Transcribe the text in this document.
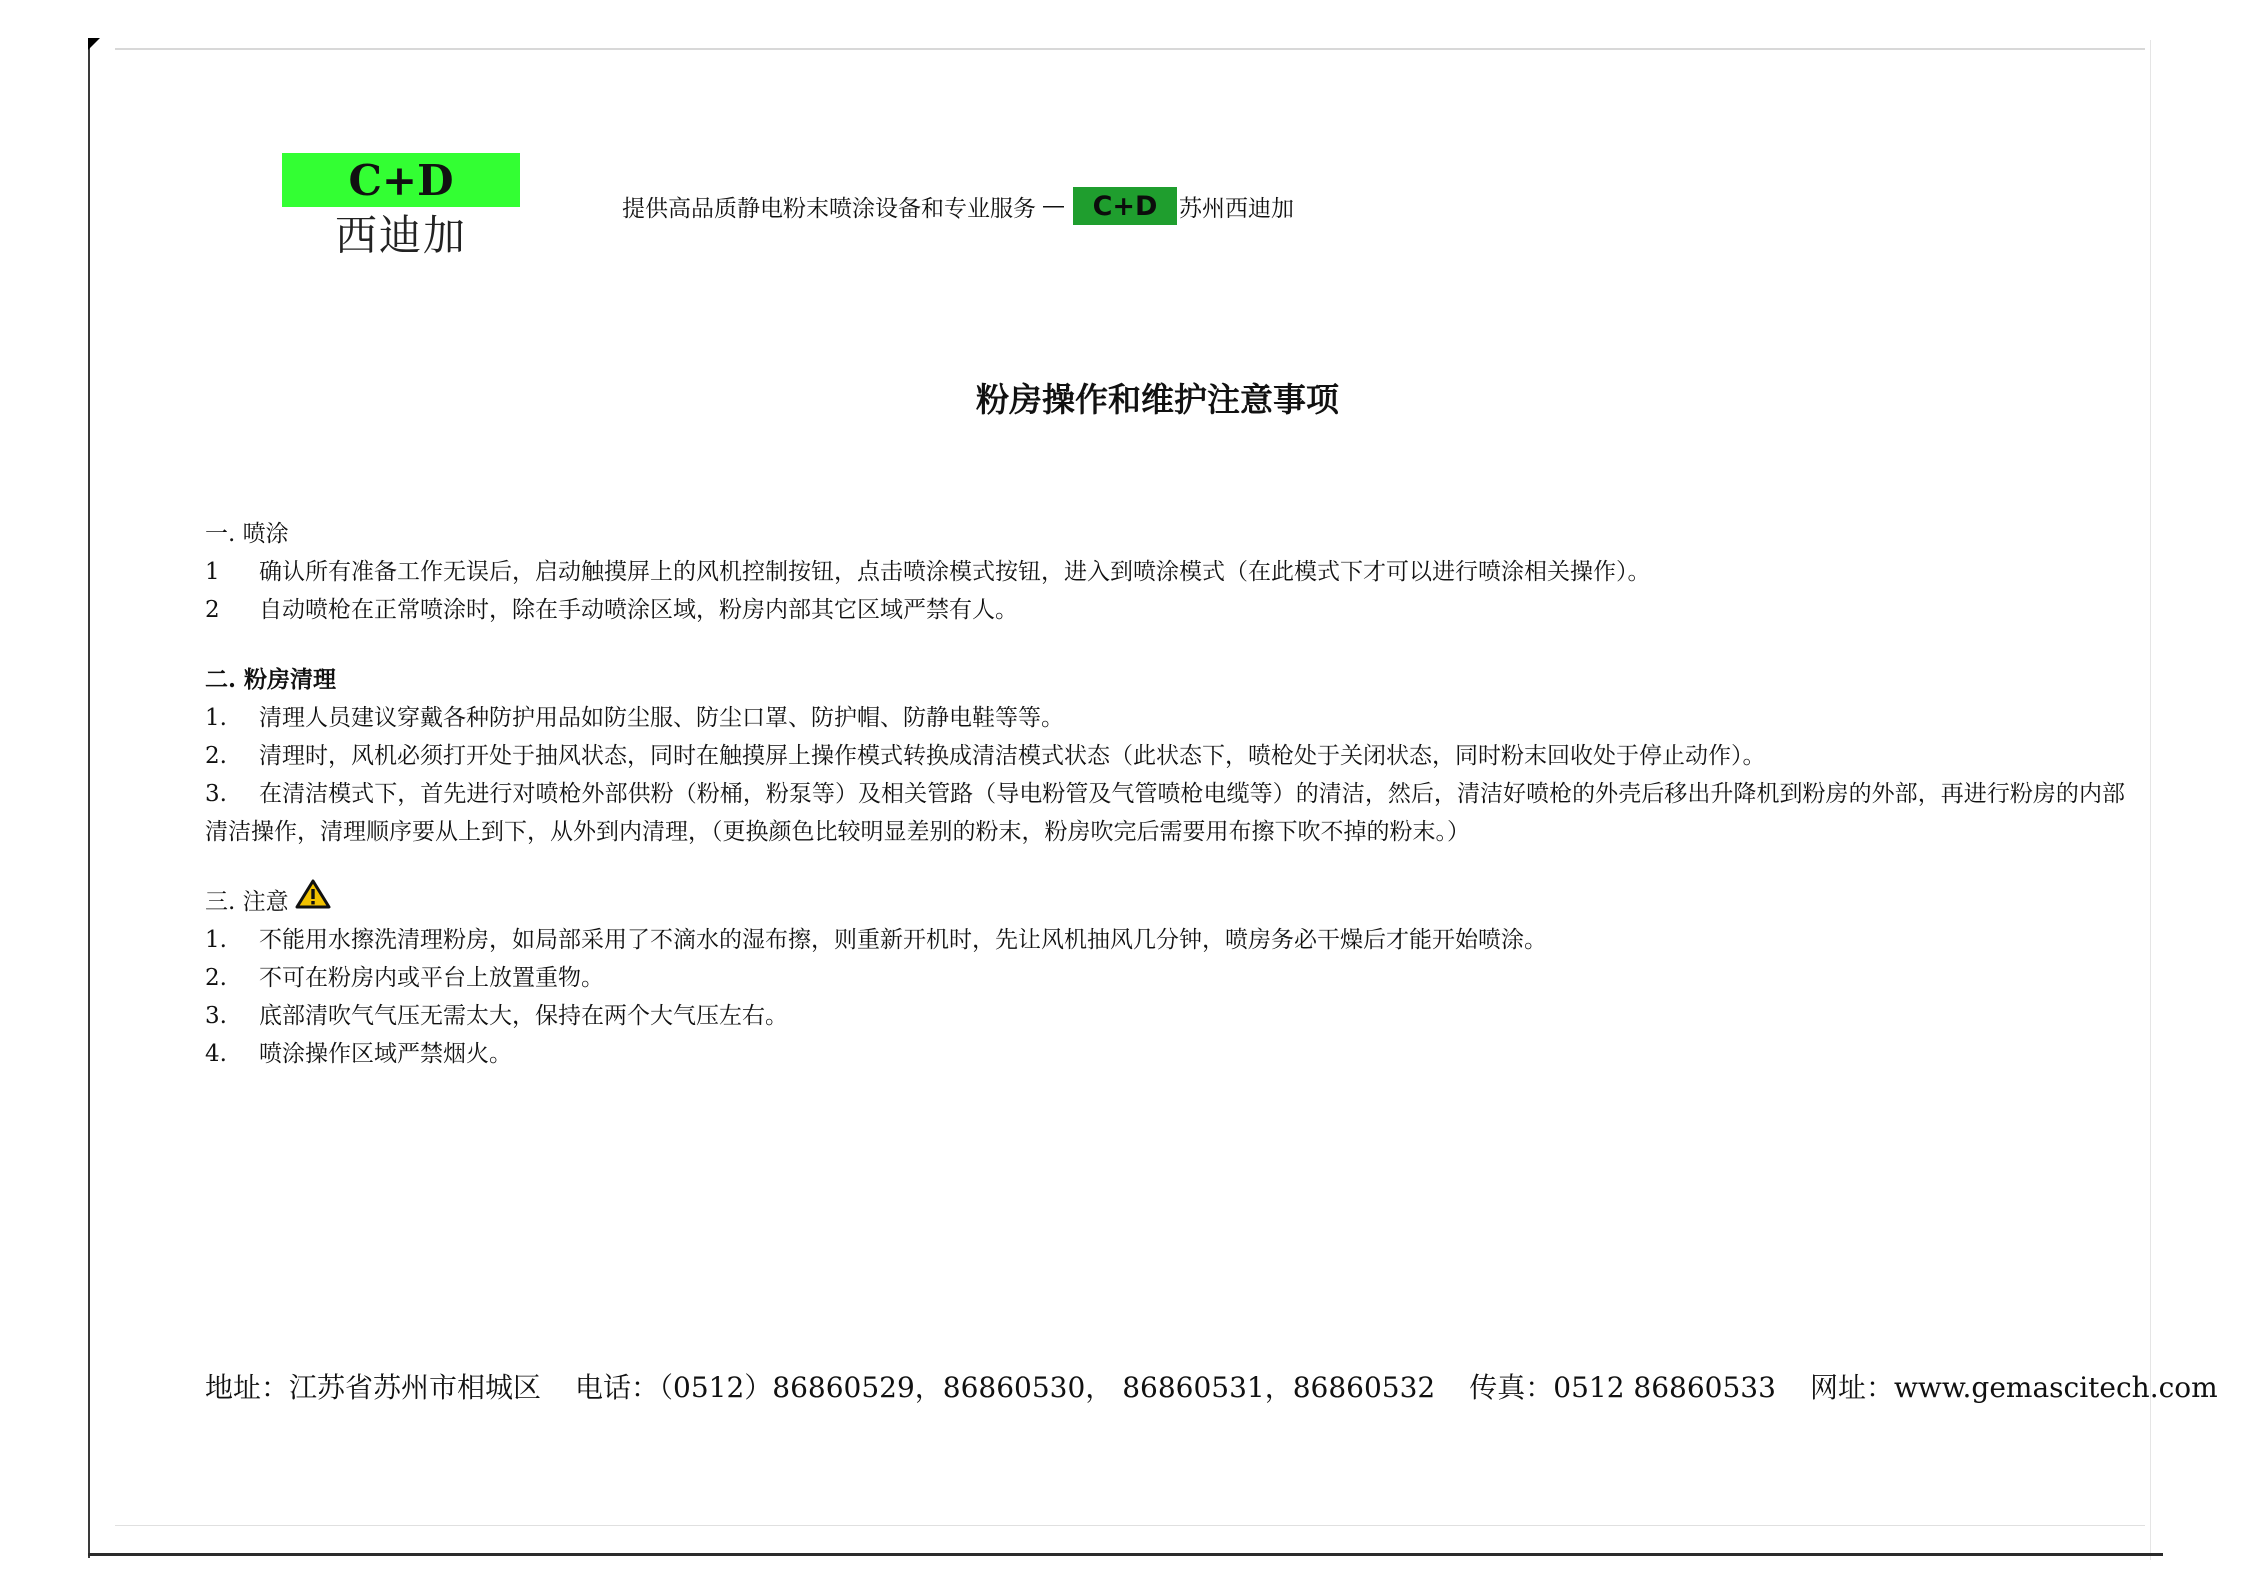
C+D
西迪加
提供高品质静电粉末喷涂设备和专业服务 —	C+D 苏州西迪加
粉房操作和维护注意事项
一. 喷涂
1	确认所有准备工作无误后，启动触摸屏上的风机控制按钮，点击喷涂模式按钮，进入到喷涂模式（在此模式下才可以进行喷涂相关操作）。
2	自动喷枪在正常喷涂时，除在手动喷涂区域，粉房内部其它区域严禁有人。
二. 粉房清理
1.	清理人员建议穿戴各种防护用品如防尘服、防尘口罩、防护帽、防静电鞋等等。
2.	清理时，风机必须打开处于抽风状态，同时在触摸屏上操作模式转换成清洁模式状态（此状态下，喷枪处于关闭状态，同时粉末回收处于停止动作）。
3. 在清洁模式下，首先进行对喷枪外部供粉（粉桶，粉泵等）及相关管路（导电粉管及气管喷枪电缆等）的清洁，然后，清洁好喷枪的外壳后移出升降机到粉房的外部，再进行粉房的内部清洁操作，清理顺序要从上到下，从外到内清理，（更换颜色比较明显差别的粉末，粉房吹完后需要用布擦下吹不掉的粉末。）
三. 注意
1.	不能用水擦洗清理粉房，如局部采用了不滴水的湿布擦，则重新开机时，先让风机抽风几分钟，喷房务必干燥后才能开始喷涂。
2.	不可在粉房内或平台上放置重物。
3.	底部清吹气气压无需太大，保持在两个大气压左右。
4.	喷涂操作区域严禁烟火。
地址：江苏省苏州市相城区 电话：（0512）86860529，86860530， 86860531，86860532 传真：0512 86860533 网址：www.gemascitech.com
